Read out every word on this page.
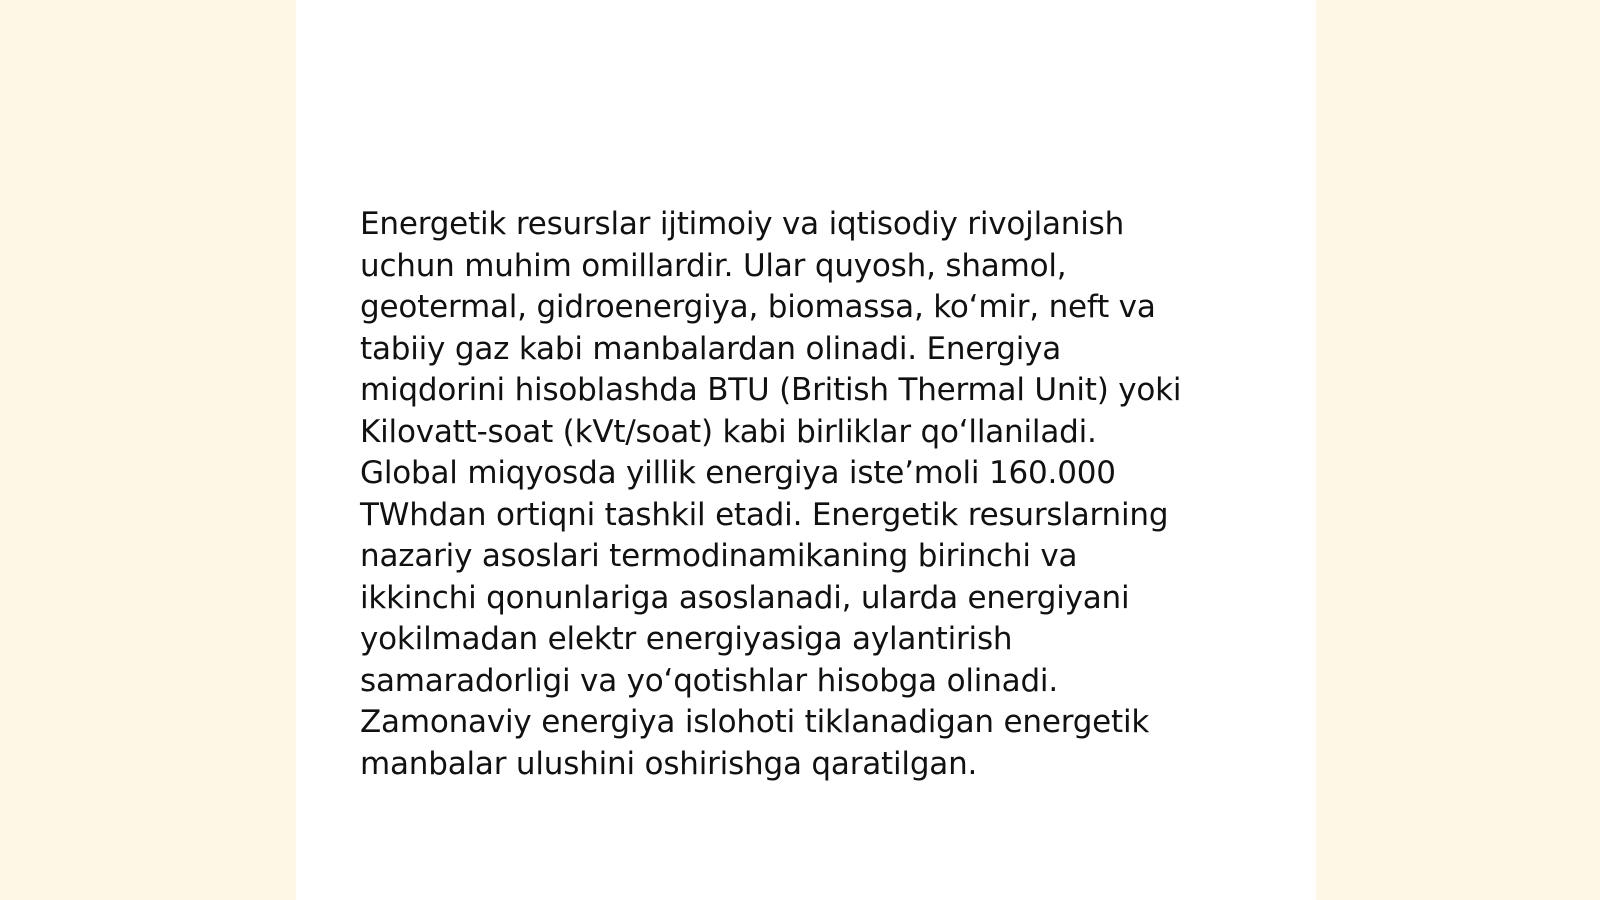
Energetik resurslar ijtimoiy va iqtisodiy rivojlanish
uchun muhim omillardir. Ular quyosh, shamol,
geotermal, gidroenergiya, biomassa, ko‘mir, neft va
tabiiy gaz kabi manbalardan olinadi. Energiya
miqdorini hisoblashda BTU (British Thermal Unit) yoki
Kilovatt-soat (kVt/soat) kabi birliklar qo‘llaniladi.
Global miqyosda yillik energiya iste’moli 160.000
TWhdan ortiqni tashkil etadi. Energetik resurslarning
nazariy asoslari termodinamikaning birinchi va
ikkinchi qonunlariga asoslanadi, ularda energiyani
yokilmadan elektr energiyasiga aylantirish
samaradorligi va yo‘qotishlar hisobga olinadi.
Zamonaviy energiya islohoti tiklanadigan energetik
manbalar ulushini oshirishga qaratilgan.
